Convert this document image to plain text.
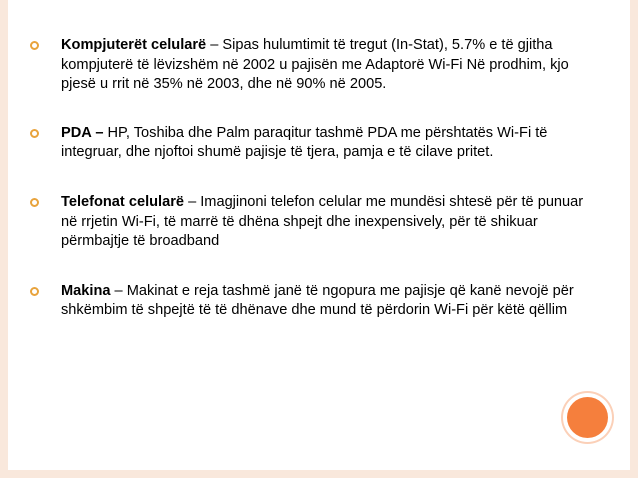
Kompjuterët celularë – Sipas hulumtimit të tregut (In-Stat), 5.7% e të gjitha kompjuterë të lëvizshëm në 2002 u pajisën me Adaptorë Wi-Fi Në prodhim, kjo pjesë u rrit në 35% në 2003, dhe në 90% në 2005.
PDA – HP, Toshiba dhe Palm paraqitur tashmë PDA me përshtatës Wi-Fi të integruar, dhe njoftoi shumë pajisje të tjera, pamja e të cilave pritet.
Telefonat celularë – Imagjinoni telefon celular me mundësi shtesë për të punuar në rrjetin Wi-Fi, të marrë të dhëna shpejt dhe inexpensively, për të shikuar përmbajtje të broadband
Makina – Makinat e reja tashmë janë të ngopura me pajisje që kanë nevojë për shkëmbim të shpejtë të të dhënave dhe mund të përdorin Wi-Fi për këtë qëllim
